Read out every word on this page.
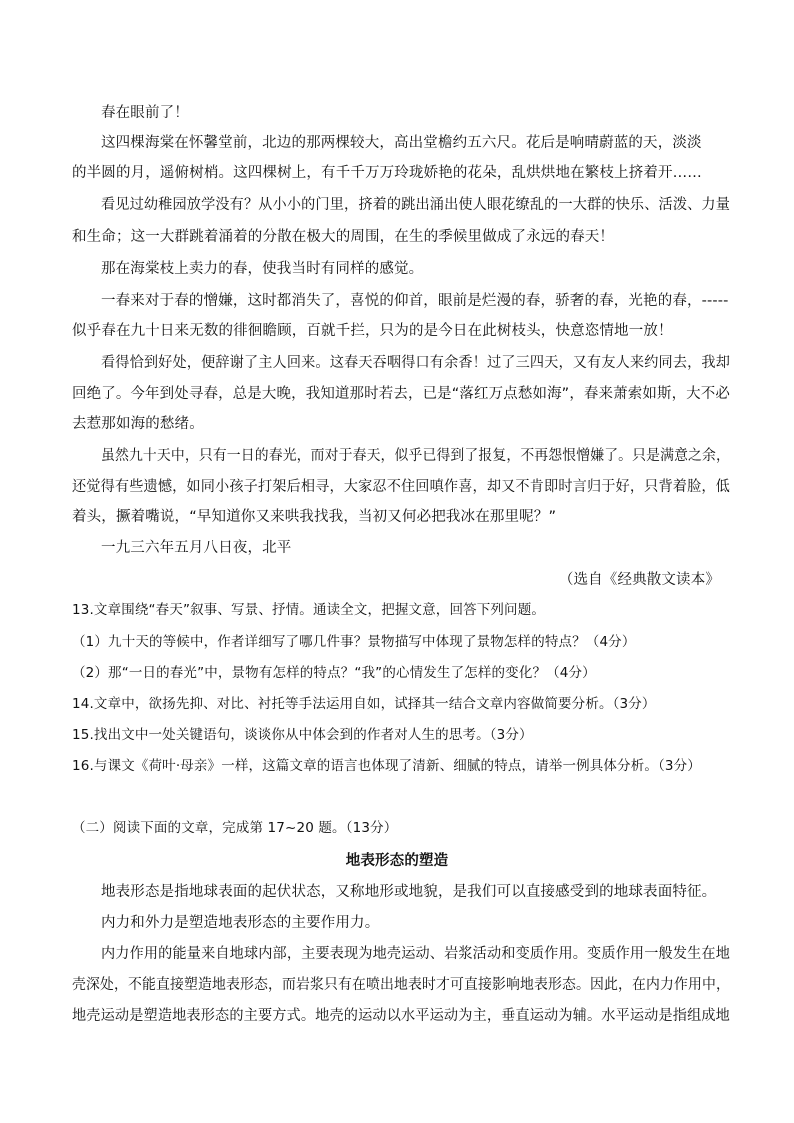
春在眼前了！
这四棵海棠在怀馨堂前，北边的那两棵较大，高出堂檐约五六尺。花后是响晴蔚蓝的天，淡淡
的半圆的月，遥俯树梢。这四棵树上，有千千万万玲珑娇艳的花朵，乱烘烘地在繁枝上挤着开……
看见过幼稚园放学没有？从小小的门里，挤着的跳出涌出使人眼花缭乱的一大群的快乐、活泼、力量
和生命；这一大群跳着涌着的分散在极大的周围，在生的季候里做成了永远的春天！
那在海棠枝上卖力的春，使我当时有同样的感觉。
一春来对于春的憎嫌，这时都消失了，喜悦的仰首，眼前是烂漫的春，骄奢的春，光艳的春，-----
似乎春在九十日来无数的徘徊瞻顾，百就千拦，只为的是今日在此树枝头，快意恣情地一放！
看得恰到好处，便辞谢了主人回来。这春天吞咽得口有余香！过了三四天，又有友人来约同去，我却
回绝了。今年到处寻春，总是大晚，我知道那时若去，已是“落红万点愁如海”，春来萧索如斯，大不必
去惹那如海的愁绪。
虽然九十天中，只有一日的春光，而对于春天，似乎已得到了报复，不再怨恨憎嫌了。只是满意之余，
还觉得有些遗憾，如同小孩子打架后相寻，大家忍不住回嗔作喜，却又不肯即时言归于好，只背着脸，低
着头，撅着嘴说，“早知道你又来哄我找我，当初又何必把我冰在那里呢？”
一九三六年五月八日夜，北平
（选自《经典散文读本》
13.文章围绕“春天”叙事、写景、抒情。通读全文，把握文意，回答下列问题。
（1）九十天的等候中，作者详细写了哪几件事？景物描写中体现了景物怎样的特点？（4分）
（2）那“一日的春光”中，景物有怎样的特点？“我”的心情发生了怎样的变化？（4分）
14.文章中，欲扬先抑、对比、衬托等手法运用自如，试择其一结合文章内容做简要分析。（3分）
15.找出文中一处关键语句，谈谈你从中体会到的作者对人生的思考。（3分）
16.与课文《荷叶·母亲》一样，这篇文章的语言也体现了清新、细腻的特点，请举一例具体分析。（3分）
（二）阅读下面的文章，完成第 17~20 题。（13分）
地表形态的塑造
地表形态是指地球表面的起伏状态，又称地形或地貌，是我们可以直接感受到的地球表面特征。
内力和外力是塑造地表形态的主要作用力。
内力作用的能量来自地球内部，主要表现为地壳运动、岩浆活动和变质作用。变质作用一般发生在地
壳深处，不能直接塑造地表形态，而岩浆只有在喷出地表时才可直接影响地表形态。因此，在内力作用中，
地壳运动是塑造地表形态的主要方式。地壳的运动以水平运动为主，垂直运动为辅。水平运动是指组成地
